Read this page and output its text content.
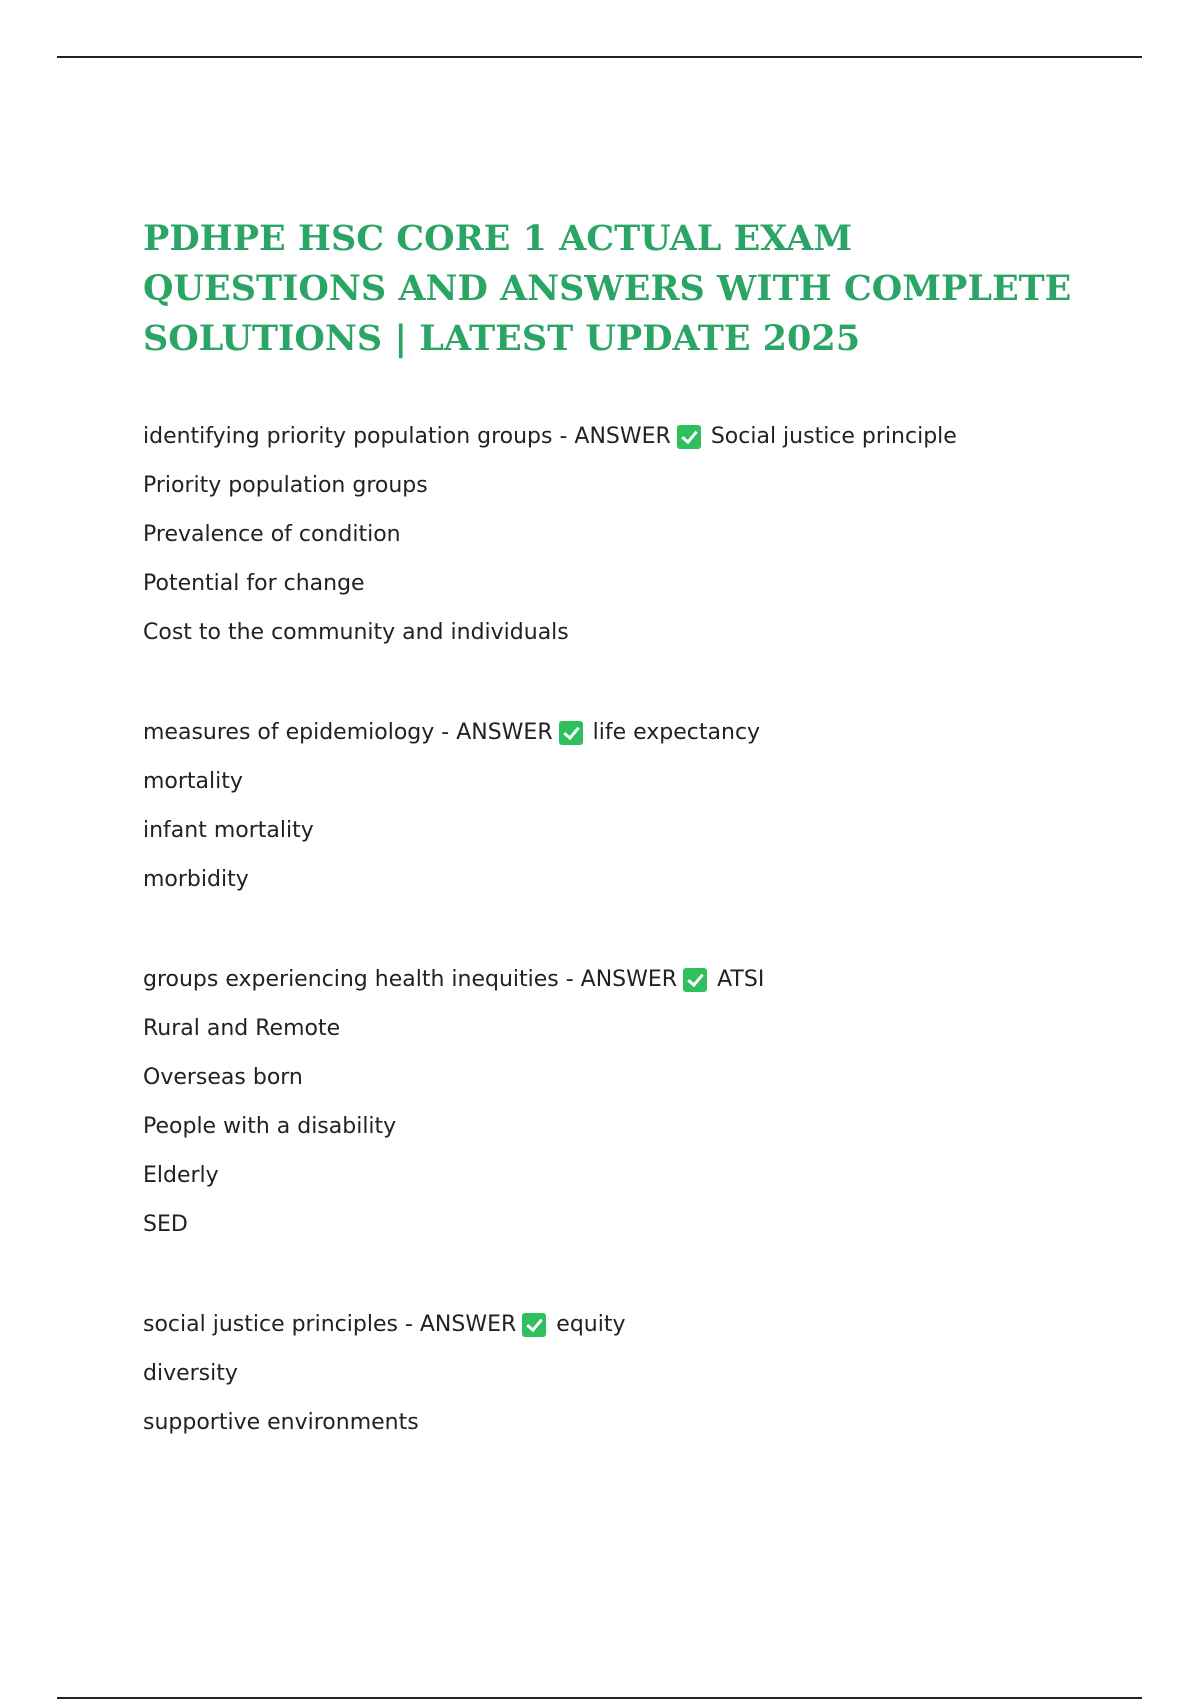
PDHPE HSC CORE 1 ACTUAL EXAM QUESTIONS AND ANSWERS WITH COMPLETE SOLUTIONS | LATEST UPDATE 2025
identifying priority population groups - ANSWER Social justice principle
Priority population groups
Prevalence of condition
Potential for change
Cost to the community and individuals
measures of epidemiology - ANSWER life expectancy
mortality
infant mortality
morbidity
groups experiencing health inequities - ANSWER ATSI
Rural and Remote
Overseas born
People with a disability
Elderly
SED
social justice principles - ANSWER equity
diversity
supportive environments
